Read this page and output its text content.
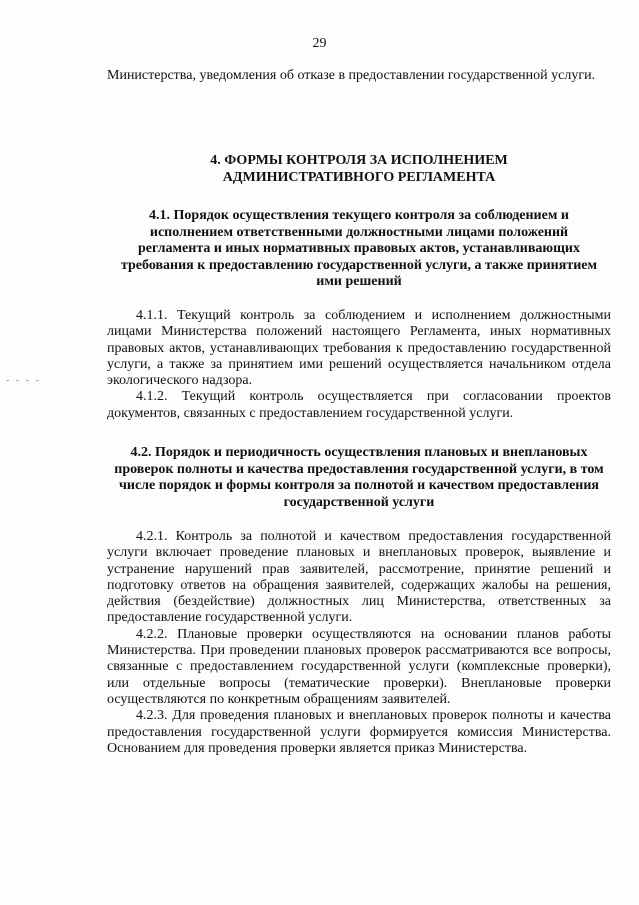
29

Министерства, уведомления об отказе в предоставлении государственной услуги.

4. ФОРМЫ КОНТРОЛЯ ЗА ИСПОЛНЕНИЕМ
АДМИНИСТРАТИВНОГО РЕГЛАМЕНТА
4.1. Порядок осуществления текущего контроля за соблюдением и исполнением ответственными должностными лицами положений регламента и иных нормативных правовых актов, устанавливающих требования к предоставлению государственной услуги, а также принятием ими решений

4.1.1. Текущий контроль за соблюдением и исполнением должностными лицами Министерства положений настоящего Регламента, иных нормативных правовых актов, устанавливающих требования к предоставлению государственной услуги, а также за принятием ими решений осуществляется начальником отдела экологического надзора.

4.1.2. Текущий контроль осуществляется при согласовании проектов документов, связанных с предоставлением государственной услуги.

4.2. Порядок и периодичность осуществления плановых и внеплановых проверок полноты и качества предоставления государственной услуги, в том числе порядок и формы контроля за полнотой и качеством предоставления государственной услуги

4.2.1. Контроль за полнотой и качеством предоставления государственной услуги включает проведение плановых и внеплановых проверок, выявление и устранение нарушений прав заявителей, рассмотрение, принятие решений и подготовку ответов на обращения заявителей, содержащих жалобы на решения, действия (бездействие) должностных лиц Министерства, ответственных за предоставление государственной услуги.

4.2.2. Плановые проверки осуществляются на основании планов работы Министерства. При проведении плановых проверок рассматриваются все вопросы, связанные с предоставлением государственной услуги (комплексные проверки), или отдельные вопросы (тематические проверки). Внеплановые проверки осуществляются по конкретным обращениям заявителей.

4.2.3. Для проведения плановых и внеплановых проверок полноты и качества предоставления государственной услуги формируется комиссия Министерства. Основанием для проведения проверки является приказ Министерства.

‐ ‐ ‐ ‐
